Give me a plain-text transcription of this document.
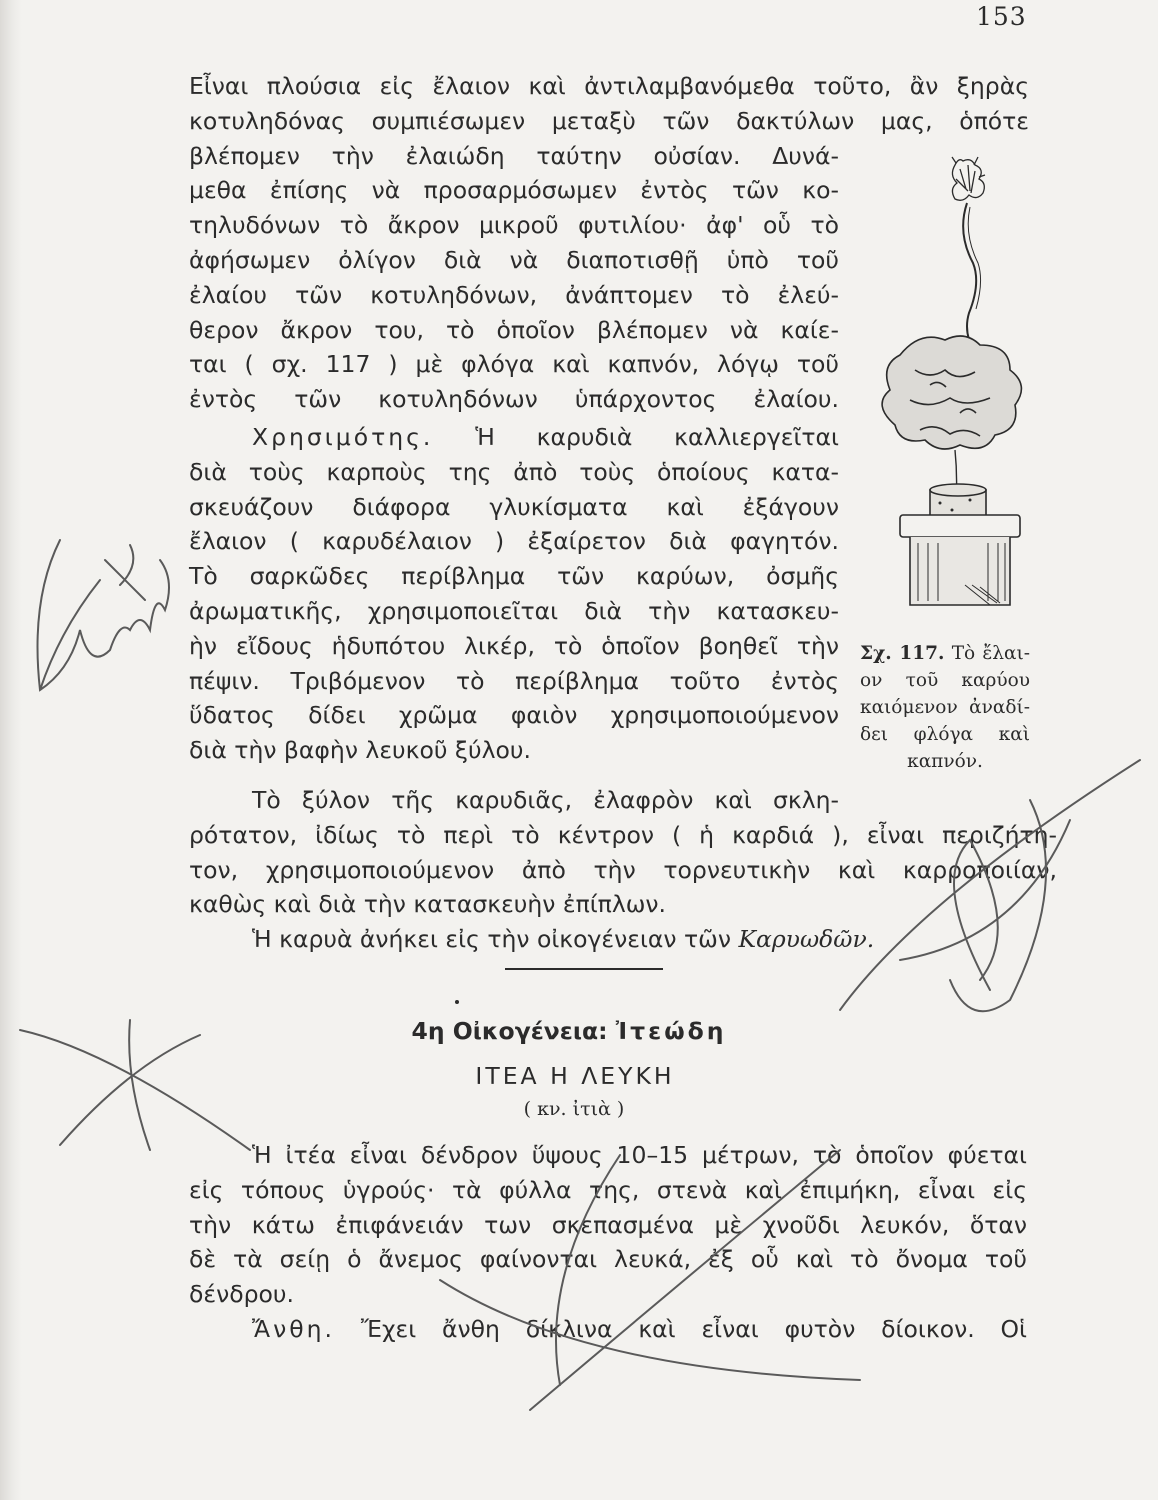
153
Εἶναι πλούσια εἰς ἔλαιον καὶ ἀντιλαμβανόμεθα τοῦτο, ἂν ξηρὰς
κοτυληδόνας συμπιέσωμεν μεταξὺ τῶν δακτύλων μας, ὁπότε
βλέπομεν τὴν ἐλαιώδη ταύτην οὐσίαν. Δυνά-
μεθα ἐπίσης νὰ προσαρμόσωμεν ἐντὸς τῶν κο-
τηλυδόνων τὸ ἄκρον μικροῦ φυτιλίου· ἀφ' οὗ τὸ
ἀφήσωμεν ὀλίγον διὰ νὰ διαποτισθῇ ὑπὸ τοῦ
ἐλαίου τῶν κοτυληδόνων, ἀνάπτομεν τὸ ἐλεύ-
θερον ἄκρον του, τὸ ὁποῖον βλέπομεν νὰ καίε-
ται ( σχ. 117 ) μὲ φλόγα καὶ καπνόν, λόγῳ τοῦ
ἐντὸς τῶν κοτυληδόνων ὑπάρχοντος ἐλαίου.
Χρησιμότης. Ἡ καρυδιὰ καλλιεργεῖται
διὰ τοὺς καρποὺς της ἀπὸ τοὺς ὁποίους κατα-
σκευάζουν διάφορα γλυκίσματα καὶ ἐξάγουν
ἔλαιον ( καρυδέλαιον ) ἐξαίρετον διὰ φαγητόν.
Τὸ σαρκῶδες περίβλημα τῶν καρύων, ὀσμῆς
ἀρωματικῆς, χρησιμοποιεῖται διὰ τὴν κατασκευ-
ὴν εἴδους ἡδυπότου λικέρ, τὸ ὁποῖον βοηθεῖ τὴν
πέψιν. Τριβόμενον τὸ περίβλημα τοῦτο ἐντὸς
ὕδατος δίδει χρῶμα φαιὸν χρησιμοποιούμενον
διὰ τὴν βαφὴν λευκοῦ ξύλου.
Σχ. 117. Τὸ ἔλαι-
ον τοῦ καρύου
καιόμενον ἀναδί-
δει φλόγα καὶ
καπνόν.
Τὸ ξύλον τῆς καρυδιᾶς, ἐλαφρὸν καὶ σκλη-
ρότατον, ἰδίως τὸ περὶ τὸ κέντρον ( ἡ καρδιά ), εἶναι περιζήτη-
τον, χρησιμοποιούμενον ἀπὸ τὴν τορνευτικὴν καὶ καρροποιίαν,
καθὼς καὶ διὰ τὴν κατασκευὴν ἐπίπλων.
Ἡ καρυὰ ἀνήκει εἰς τὴν οἰκογένειαν τῶν Καρυωδῶν.
4η Οἰκογένεια: Ἰτεώδη
ΙΤΕΑ Η ΛΕΥΚΗ
( κν. ἰτιὰ )
Ἡ ἰτέα εἶναι δένδρον ὕψους 10–15 μέτρων, τὸ ὁποῖον φύεται
εἰς τόπους ὑγρούς· τὰ φύλλα της, στενὰ καὶ ἐπιμήκη, εἶναι εἰς
τὴν κάτω ἐπιφάνειάν των σκεπασμένα μὲ χνοῦδι λευκόν, ὅταν
δὲ τὰ σείῃ ὁ ἄνεμος φαίνονται λευκά, ἐξ οὗ καὶ τὸ ὄνομα τοῦ
δένδρου.
Ἄνθη. Ἔχει ἄνθη δίκλινα καὶ εἶναι φυτὸν δίοικον. Οἱ
